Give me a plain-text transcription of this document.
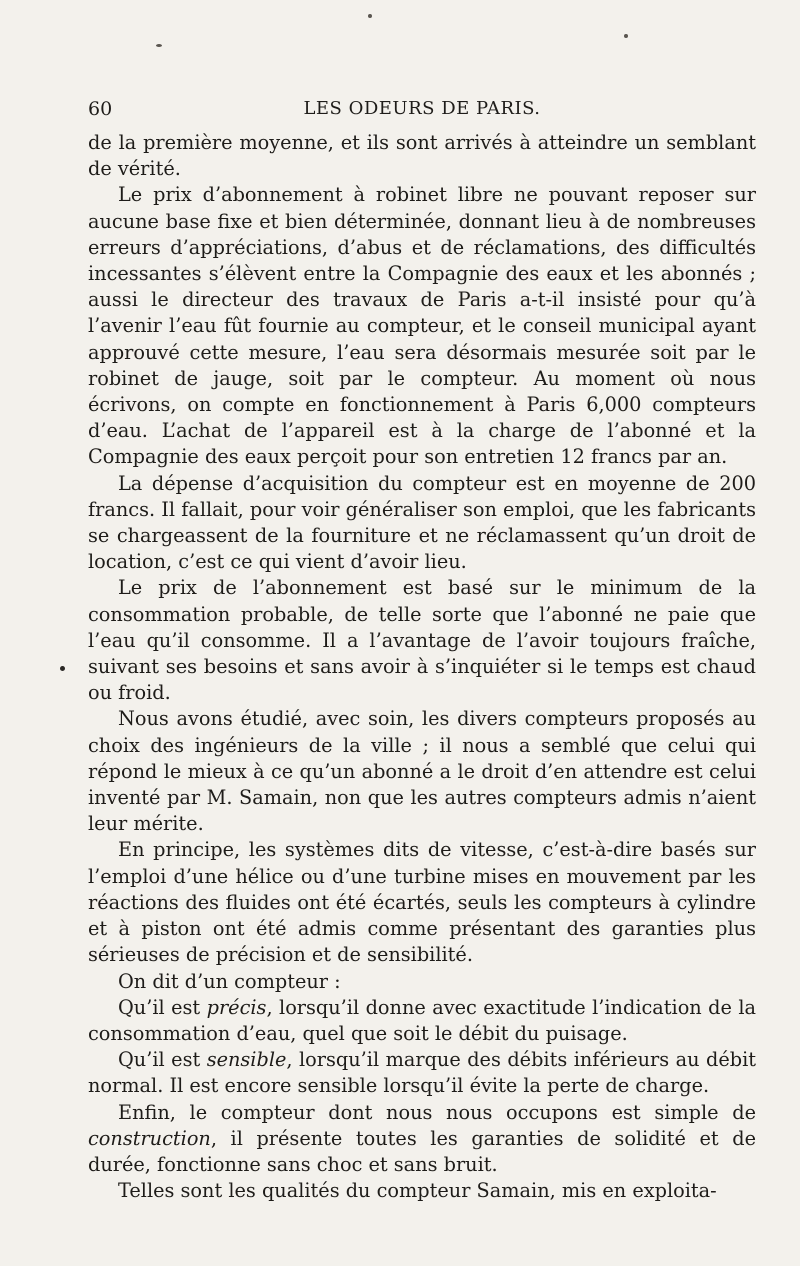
60	LES ODEURS DE PARIS.

de la première moyenne, et ils sont arrivés à atteindre un semblant de vérité.

Le prix d’abonnement à robinet libre ne pouvant reposer sur aucune base fixe et bien déterminée, donnant lieu à de nombreuses erreurs d’appréciations, d’abus et de réclamations, des difficultés incessantes s’élèvent entre la Compagnie des eaux et les abonnés ; aussi le directeur des travaux de Paris a-t-il insisté pour qu’à l’avenir l’eau fût fournie au compteur, et le conseil municipal ayant approuvé cette mesure, l’eau sera désormais mesurée soit par le robinet de jauge, soit par le compteur. Au moment où nous écrivons, on compte en fonctionnement à Paris 6,000 compteurs d’eau. L’achat de l’appareil est à la charge de l’abonné et la Compagnie des eaux perçoit pour son entretien 12 francs par an.

La dépense d’acquisition du compteur est en moyenne de 200 francs. Il fallait, pour voir généraliser son emploi, que les fabricants se chargeassent de la fourniture et ne réclamassent qu’un droit de location, c’est ce qui vient d’avoir lieu.

Le prix de l’abonnement est basé sur le minimum de la consommation probable, de telle sorte que l’abonné ne paie que l’eau qu’il consomme. Il a l’avantage de l’avoir toujours fraîche, suivant ses besoins et sans avoir à s’inquiéter si le temps est chaud ou froid.

Nous avons étudié, avec soin, les divers compteurs proposés au choix des ingénieurs de la ville ; il nous a semblé que celui qui répond le mieux à ce qu’un abonné a le droit d’en attendre est celui inventé par M. Samain, non que les autres compteurs admis n’aient leur mérite.

En principe, les systèmes dits de vitesse, c’est-à-dire basés sur l’emploi d’une hélice ou d’une turbine mises en mouvement par les réactions des fluides ont été écartés, seuls les compteurs à cylindre et à piston ont été admis comme présentant des garanties plus sérieuses de précision et de sensibilité.

On dit d’un compteur :

Qu’il est précis, lorsqu’il donne avec exactitude l’indication de la consommation d’eau, quel que soit le débit du puisage.

Qu’il est sensible, lorsqu’il marque des débits inférieurs au débit normal. Il est encore sensible lorsqu’il évite la perte de charge.

Enfin, le compteur dont nous nous occupons est simple de construction, il présente toutes les garanties de solidité et de durée, fonctionne sans choc et sans bruit.

Telles sont les qualités du compteur Samain, mis en exploita-
